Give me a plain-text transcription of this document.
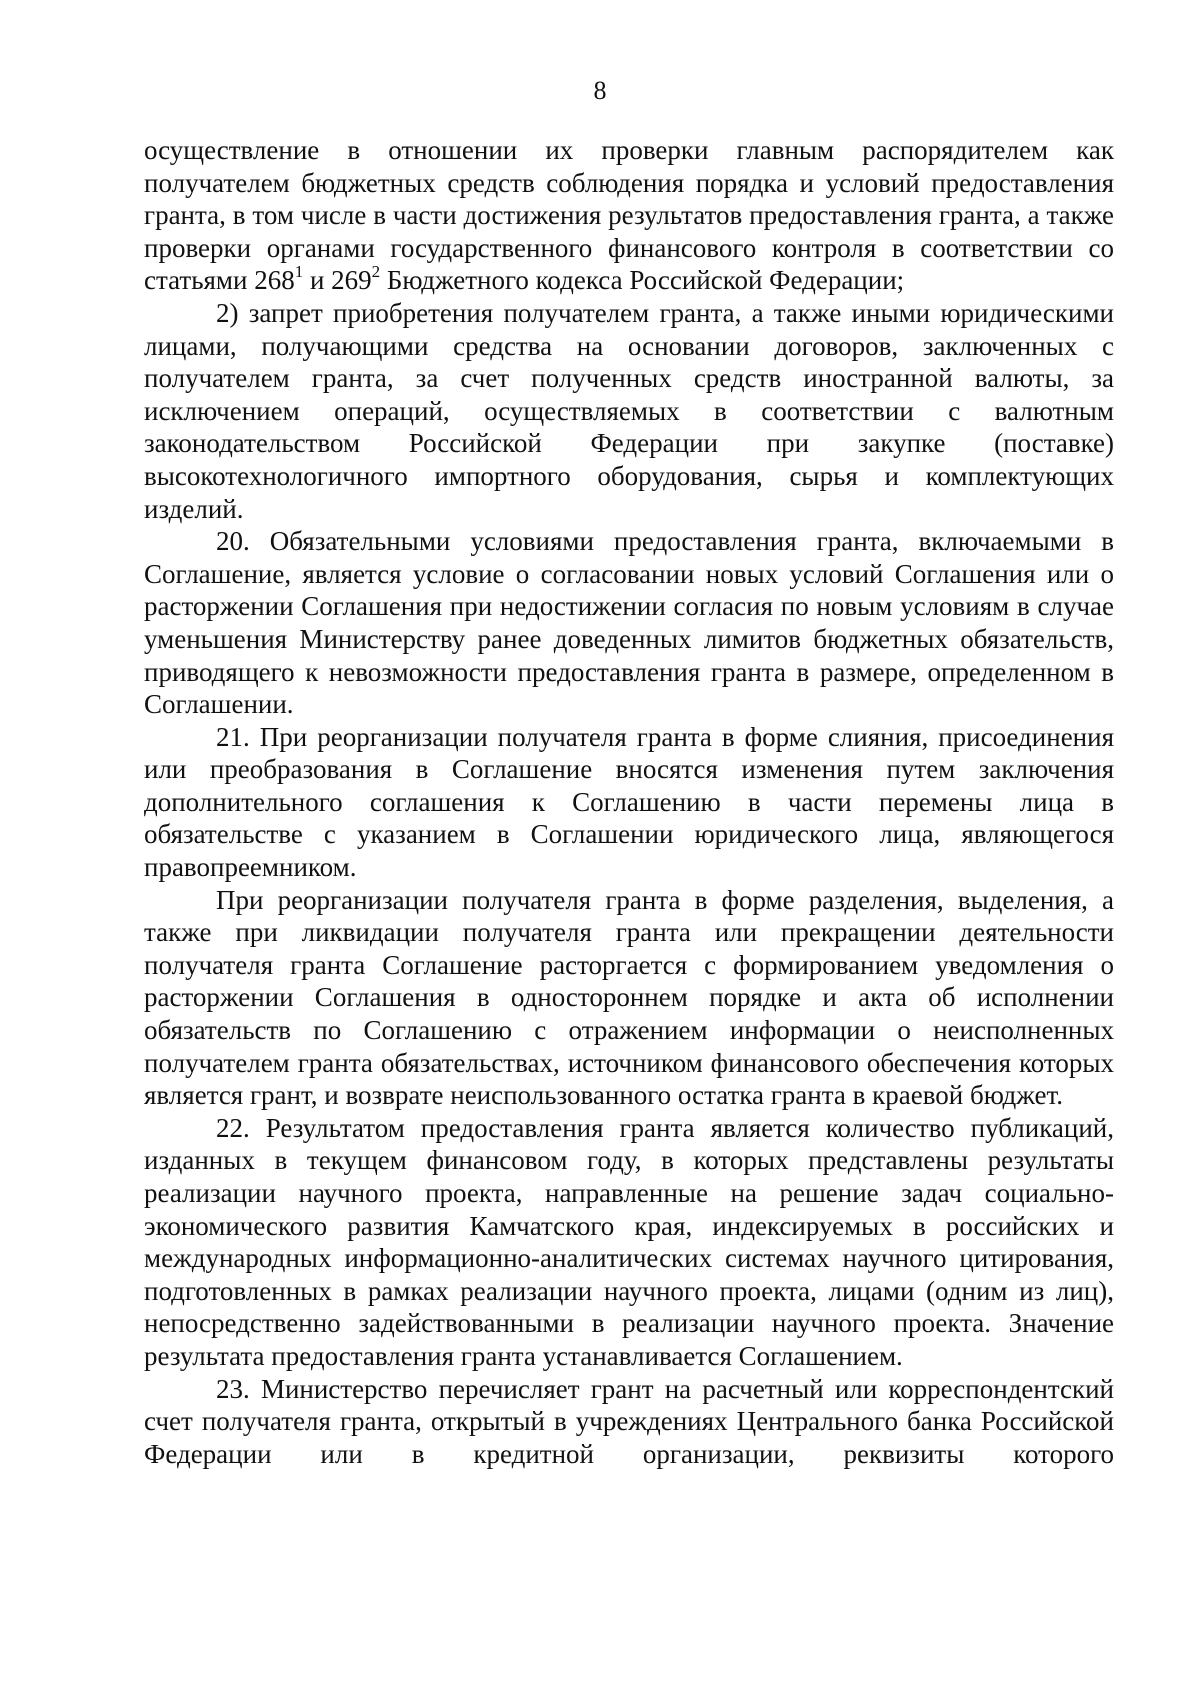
8

осуществление в отношении их проверки главным распорядителем как получателем бюджетных средств соблюдения порядка и условий предоставления гранта, в том числе в части достижения результатов предоставления гранта, а также проверки органами государственного финансового контроля в соответствии со статьями $268^1$ и $269^2$ Бюджетного кодекса Российской Федерации;

2) запрет приобретения получателем гранта, а также иными юридическими лицами, получающими средства на основании договоров, заключенных с получателем гранта, за счет полученных средств иностранной валюты, за исключением операций, осуществляемых в соответствии с валютным законодательством Российской Федерации при закупке (поставке) высокотехнологичного импортного оборудования, сырья и комплектующих изделий.

20. Обязательными условиями предоставления гранта, включаемыми в Соглашение, является условие о согласовании новых условий Соглашения или о расторжении Соглашения при недостижении согласия по новым условиям в случае уменьшения Министерству ранее доведенных лимитов бюджетных обязательств, приводящего к невозможности предоставления гранта в размере, определенном в Соглашении.

21. При реорганизации получателя гранта в форме слияния, присоединения или преобразования в Соглашение вносятся изменения путем заключения дополнительного соглашения к Соглашению в части перемены лица в обязательстве с указанием в Соглашении юридического лица, являющегося правопреемником.

При реорганизации получателя гранта в форме разделения, выделения, а также при ликвидации получателя гранта или прекращении деятельности получателя гранта Соглашение расторгается с формированием уведомления о расторжении Соглашения в одностороннем порядке и акта об исполнении обязательств по Соглашению с отражением информации о неисполненных получателем гранта обязательствах, источником финансового обеспечения которых является грант, и возврате неиспользованного остатка гранта в краевой бюджет.

22. Результатом предоставления гранта является количество публикаций, изданных в текущем финансовом году, в которых представлены результаты реализации научного проекта, направленные на решение задач социально-экономического развития Камчатского края, индексируемых в российских и международных информационно-аналитических системах научного цитирования, подготовленных в рамках реализации научного проекта, лицами (одним из лиц), непосредственно задействованными в реализации научного проекта. Значение результата предоставления гранта устанавливается Соглашением.

23. Министерство перечисляет грант на расчетный или корреспондентский счет получателя гранта, открытый в учреждениях Центрального банка Российской Федерации или в кредитной организации, реквизиты которого
